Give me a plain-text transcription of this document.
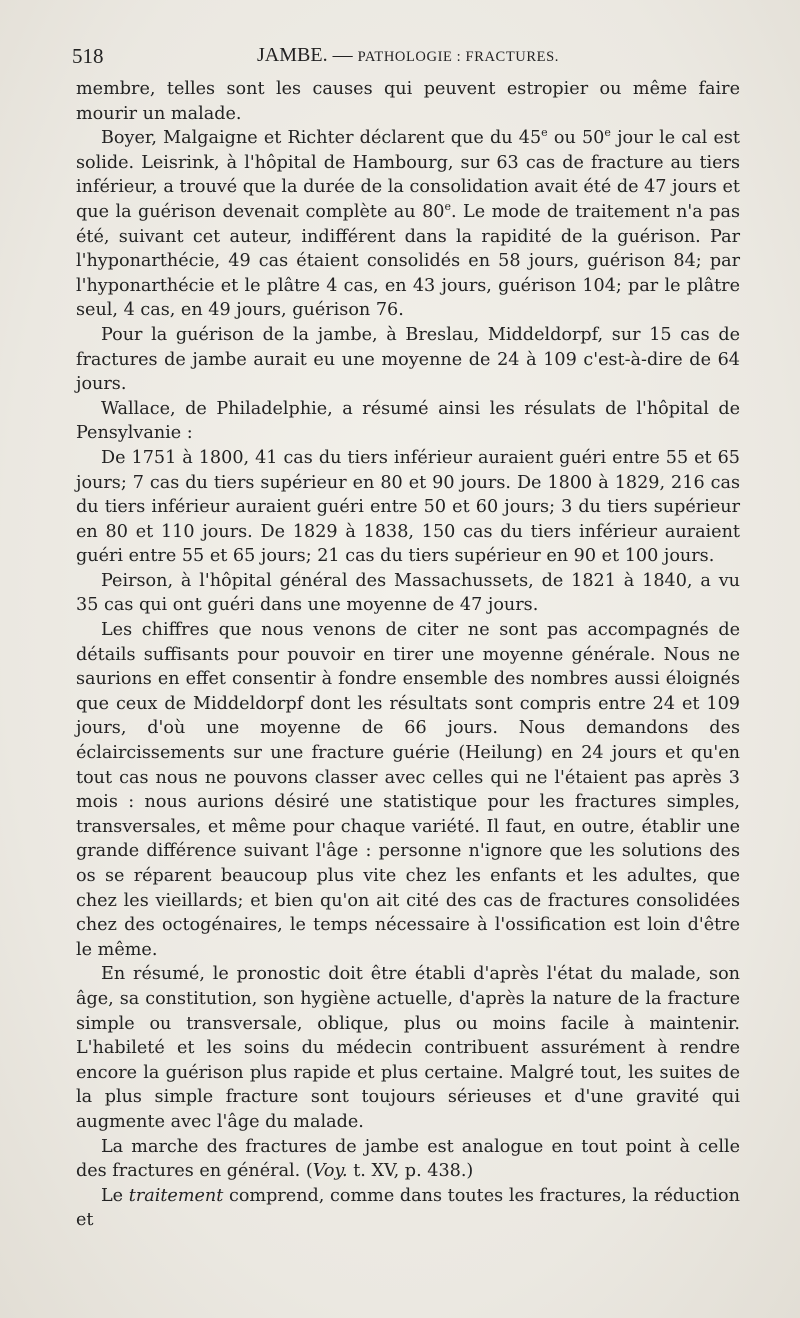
518	JAMBE. — PATHOLOGIE : FRACTURES.

membre, telles sont les causes qui peuvent estropier ou même faire mourir un malade.

Boyer, Malgaigne et Richter déclarent que du 45e ou 50e jour le cal est solide. Leisrink, à l'hôpital de Hambourg, sur 63 cas de fracture au tiers inférieur, a trouvé que la durée de la consolidation avait été de 47 jours et que la guérison devenait complète au 80e. Le mode de traitement n'a pas été, suivant cet auteur, indifférent dans la rapidité de la guérison. Par l'hyponarthécie, 49 cas étaient consolidés en 58 jours, guérison 84; par l'hyponarthécie et le plâtre 4 cas, en 43 jours, guérison 104; par le plâtre seul, 4 cas, en 49 jours, guérison 76.

Pour la guérison de la jambe, à Breslau, Middeldorpf, sur 15 cas de fractures de jambe aurait eu une moyenne de 24 à 109 c'est-à-dire de 64 jours.

Wallace, de Philadelphie, a résumé ainsi les résulats de l'hôpital de Pensylvanie :

De 1751 à 1800, 41 cas du tiers inférieur auraient guéri entre 55 et 65 jours; 7 cas du tiers supérieur en 80 et 90 jours. De 1800 à 1829, 216 cas du tiers inférieur auraient guéri entre 50 et 60 jours; 3 du tiers supérieur en 80 et 110 jours. De 1829 à 1838, 150 cas du tiers inférieur auraient guéri entre 55 et 65 jours; 21 cas du tiers supérieur en 90 et 100 jours.

Peirson, à l'hôpital général des Massachussets, de 1821 à 1840, a vu 35 cas qui ont guéri dans une moyenne de 47 jours.

Les chiffres que nous venons de citer ne sont pas accompagnés de détails suffisants pour pouvoir en tirer une moyenne générale. Nous ne saurions en effet consentir à fondre ensemble des nombres aussi éloignés que ceux de Middeldorpf dont les résultats sont compris entre 24 et 109 jours, d'où une moyenne de 66 jours. Nous demandons des éclaircissements sur une fracture guérie (Heilung) en 24 jours et qu'en tout cas nous ne pouvons classer avec celles qui ne l'étaient pas après 3 mois : nous aurions désiré une statistique pour les fractures simples, transversales, et même pour chaque variété. Il faut, en outre, établir une grande différence suivant l'âge : personne n'ignore que les solutions des os se réparent beaucoup plus vite chez les enfants et les adultes, que chez les vieillards; et bien qu'on ait cité des cas de fractures consolidées chez des octogénaires, le temps nécessaire à l'ossification est loin d'être le même.

En résumé, le pronostic doit être établi d'après l'état du malade, son âge, sa constitution, son hygiène actuelle, d'après la nature de la fracture simple ou transversale, oblique, plus ou moins facile à maintenir. L'habileté et les soins du médecin contribuent assurément à rendre encore la guérison plus rapide et plus certaine. Malgré tout, les suites de la plus simple fracture sont toujours sérieuses et d'une gravité qui augmente avec l'âge du malade.

La marche des fractures de jambe est analogue en tout point à celle des fractures en général. (Voy. t. XV, p. 438.)

Le traitement comprend, comme dans toutes les fractures, la réduction et
